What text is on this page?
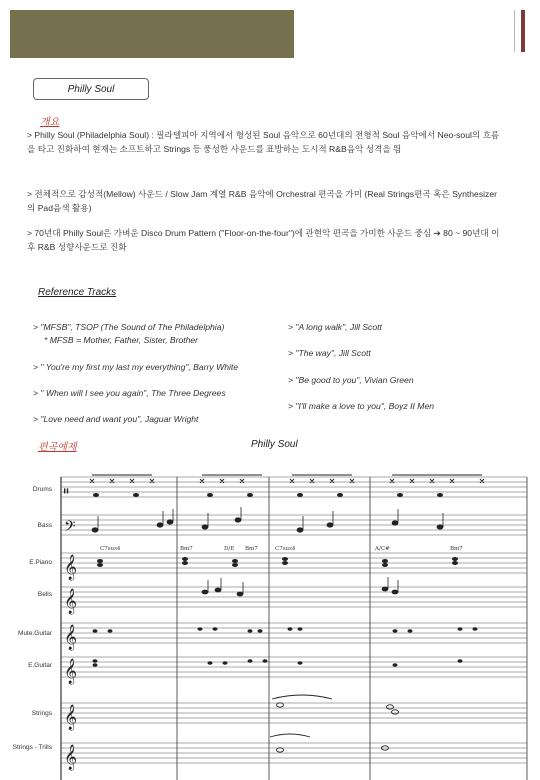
Philly Soul
개요
> Philly Soul (Philadelphia Soul) : 필라델피아 지역에서 형성된 Soul 음악으로 60년대의 전형적 Soul 음악에서 Neo-soul의 흐름을 타고 진화하여 현재는 소프트하고 Strings 등 풍성한 사운드를 표방하는 도시적 R&B음악 성격을 띔
> 전체적으로 감성적(Mellow) 사운드 / Slow Jam 계열 R&B 음악에 Orchestral 편곡을 가미 (Real Strings편곡 혹은 Synthesizer의 Pad음색 활용)
> 70년대 Philly Soul은 가벼운 Disco Drum Pattern ("Floor-on-the-four")에 관현악 편곡을 가미한 사운드 중심 ➔ 80 ~ 90년대 이후 R&B 성향사운드로 진화
Reference Tracks
> "MFSB", TSOP (The Sound of The Philadelphia)
* MFSB = Mother, Father, Sister, Brother
> " You're my first my last my everything", Barry White
> " When will I see you again", The Three Degrees
> "Love need and want you", Jaguar Wright
> "A long walk", Jill Scott
> "The way", Jill Scott
> "Be good to you", Vivian Green
> "I'll make a love to you", Boyz II Men
편곡예제	Philly Soul
Drums
Bass
E.Piano
Bells
Mute.Guitar
E.Guitar
Strings
Strings - Trills
𝄥
𝄢
𝄞
𝄞
𝄞
𝄞
𝄞
𝄞
C7sus4	Bm7	D/E Bm7	C7sus4	A/C#	Bm7
